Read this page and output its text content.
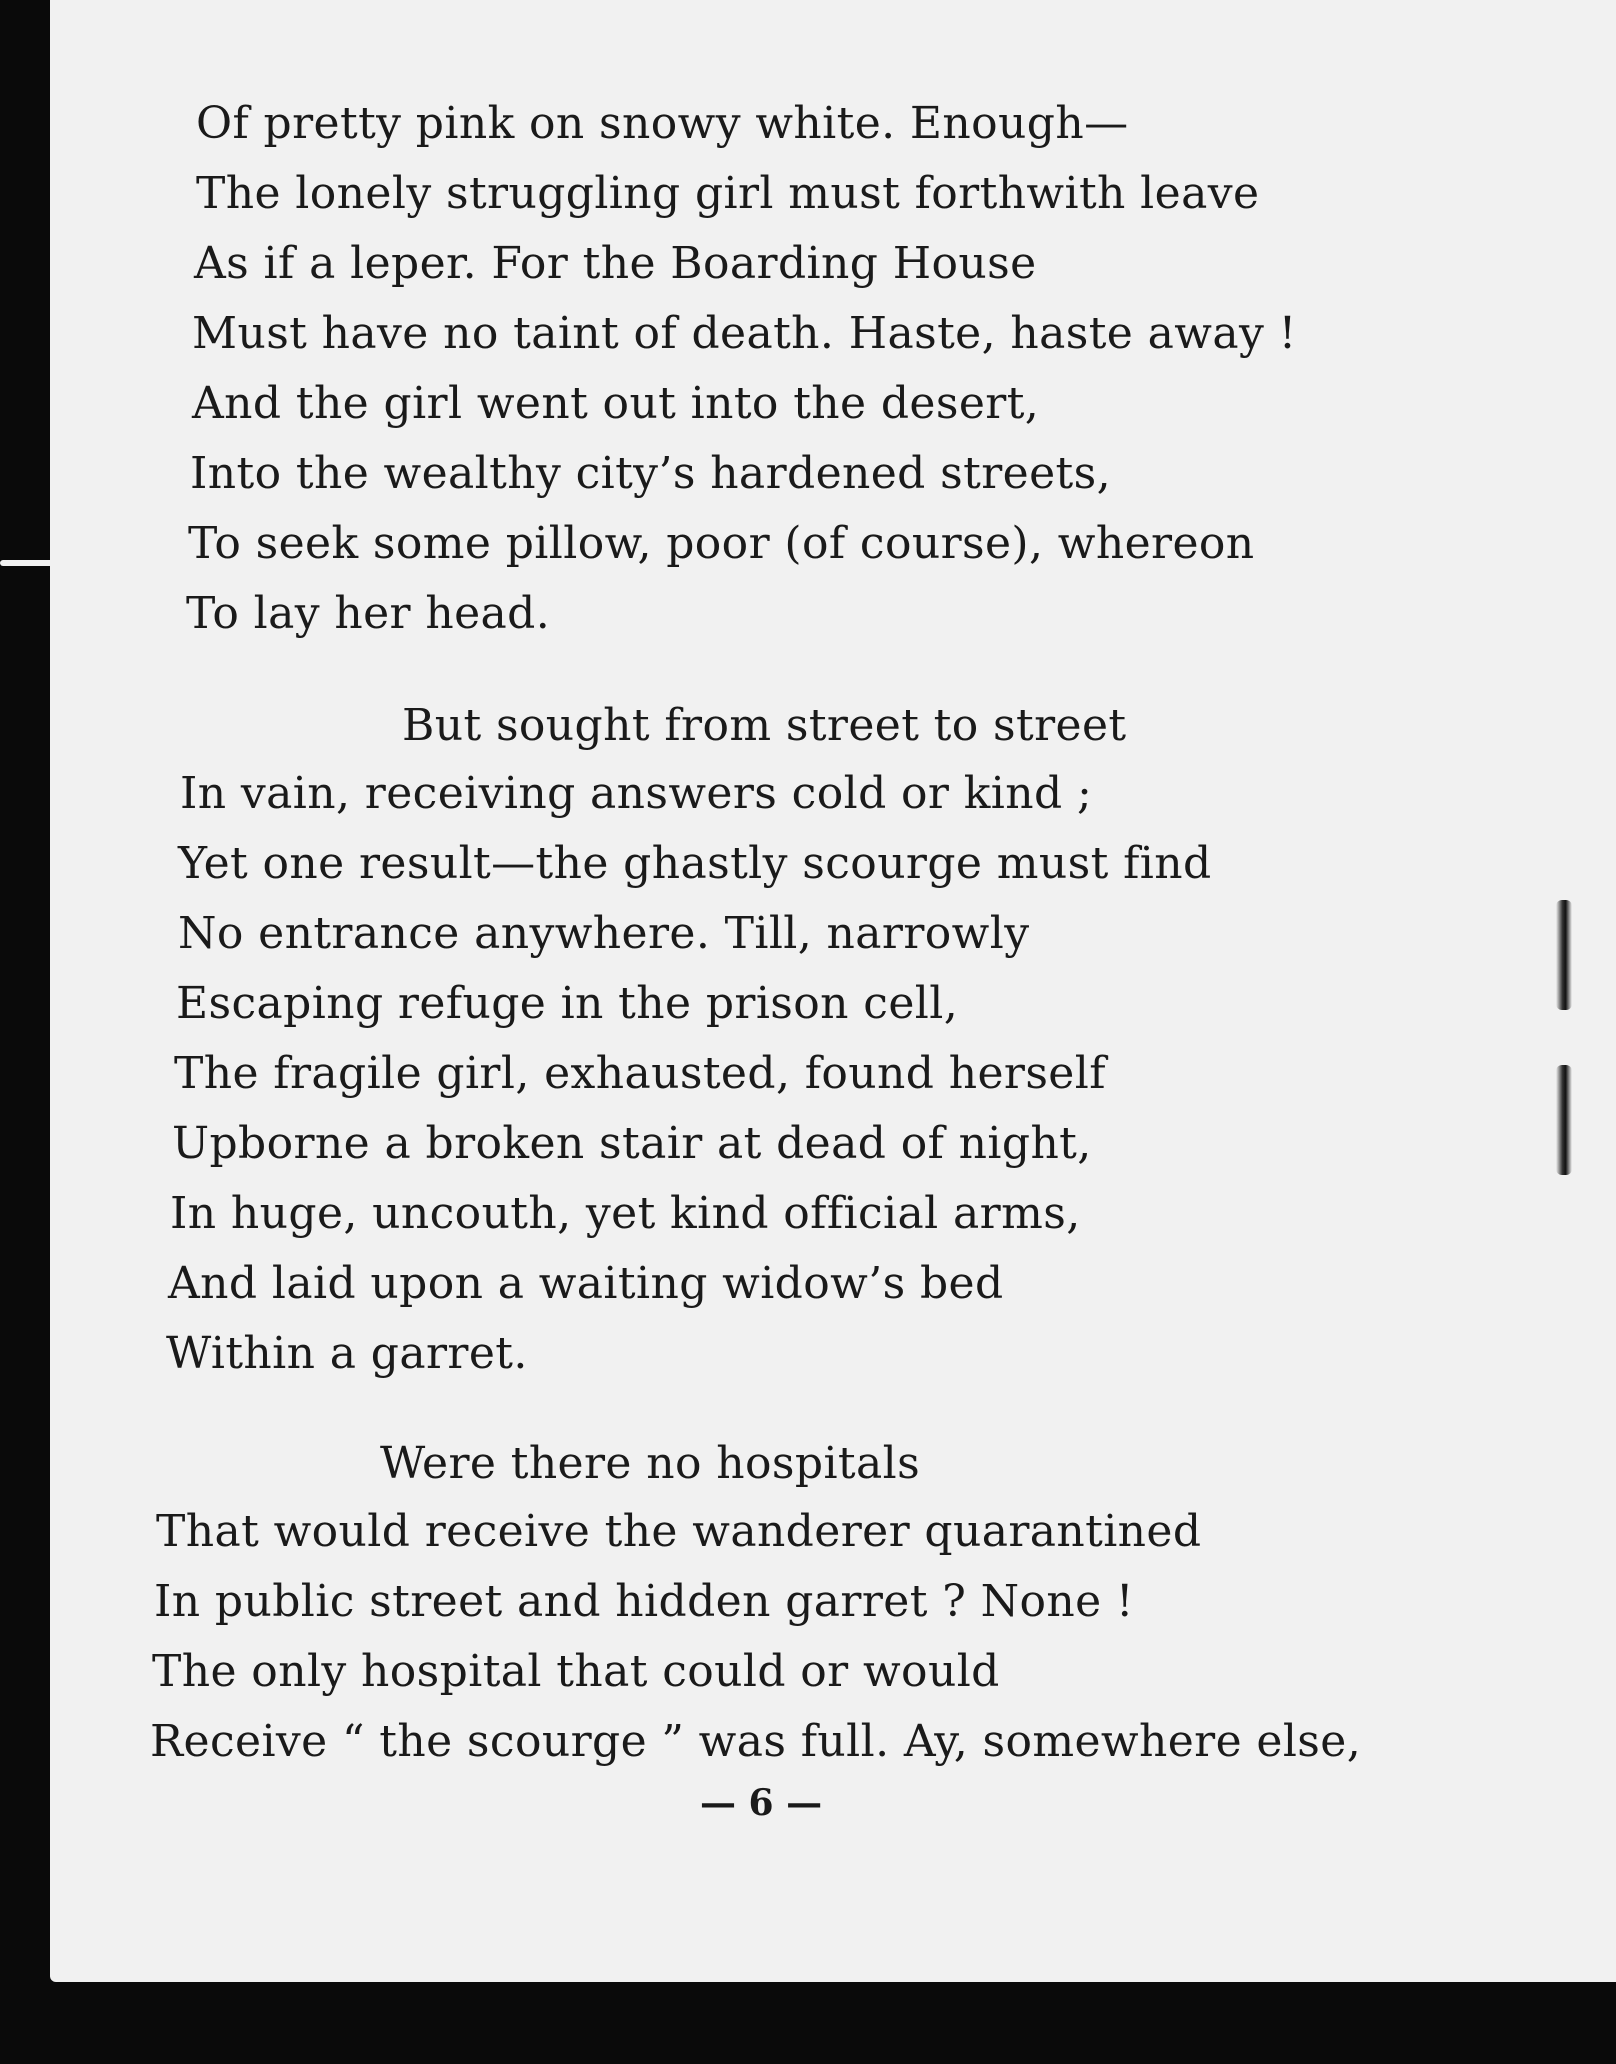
Of pretty pink on snowy white. Enough—
The lonely struggling girl must forthwith leave
As if a leper. For the Boarding House
Must have no taint of death. Haste, haste away !
And the girl went out into the desert,
Into the wealthy city’s hardened streets,
To seek some pillow, poor (of course), whereon
To lay her head.
But sought from street to street
In vain, receiving answers cold or kind ;
Yet one result—the ghastly scourge must find
No entrance anywhere. Till, narrowly
Escaping refuge in the prison cell,
The fragile girl, exhausted, found herself
Upborne a broken stair at dead of night,
In huge, uncouth, yet kind official arms,
And laid upon a waiting widow’s bed
Within a garret.
Were there no hospitals
That would receive the wanderer quarantined
In public street and hidden garret ? None !
The only hospital that could or would
Receive “ the scourge ” was full. Ay, somewhere else,
— 6 —
